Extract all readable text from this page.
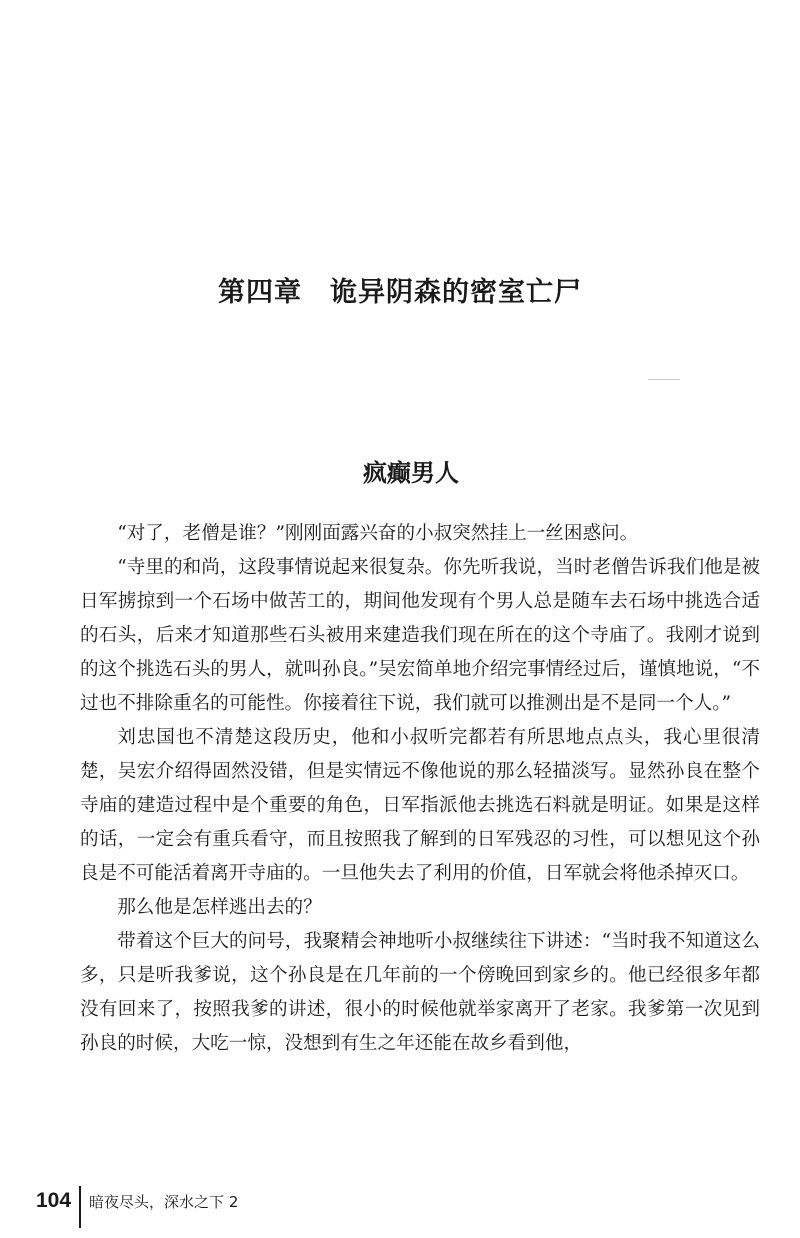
第四章　诡异阴森的密室亡尸
疯癫男人

“对了，老僧是谁？”刚刚面露兴奋的小叔突然挂上一丝困惑问。

“寺里的和尚，这段事情说起来很复杂。你先听我说，当时老僧告诉我们他是被日军掳掠到一个石场中做苦工的，期间他发现有个男人总是随车去石场中挑选合适的石头，后来才知道那些石头被用来建造我们现在所在的这个寺庙了。我刚才说到的这个挑选石头的男人，就叫孙良。”吴宏简单地介绍完事情经过后，谨慎地说，“不过也不排除重名的可能性。你接着往下说，我们就可以推测出是不是同一个人。”

刘忠国也不清楚这段历史，他和小叔听完都若有所思地点点头，我心里很清楚，吴宏介绍得固然没错，但是实情远不像他说的那么轻描淡写。显然孙良在整个寺庙的建造过程中是个重要的角色，日军指派他去挑选石料就是明证。如果是这样的话，一定会有重兵看守，而且按照我了解到的日军残忍的习性，可以想见这个孙良是不可能活着离开寺庙的。一旦他失去了利用的价值，日军就会将他杀掉灭口。

那么他是怎样逃出去的？

带着这个巨大的问号，我聚精会神地听小叔继续往下讲述：“当时我不知道这么多，只是听我爹说，这个孙良是在几年前的一个傍晚回到家乡的。他已经很多年都没有回来了，按照我爹的讲述，很小的时候他就举家离开了老家。我爹第一次见到孙良的时候，大吃一惊，没想到有生之年还能在故乡看到他，

104 暗夜尽头，深水之下 2
